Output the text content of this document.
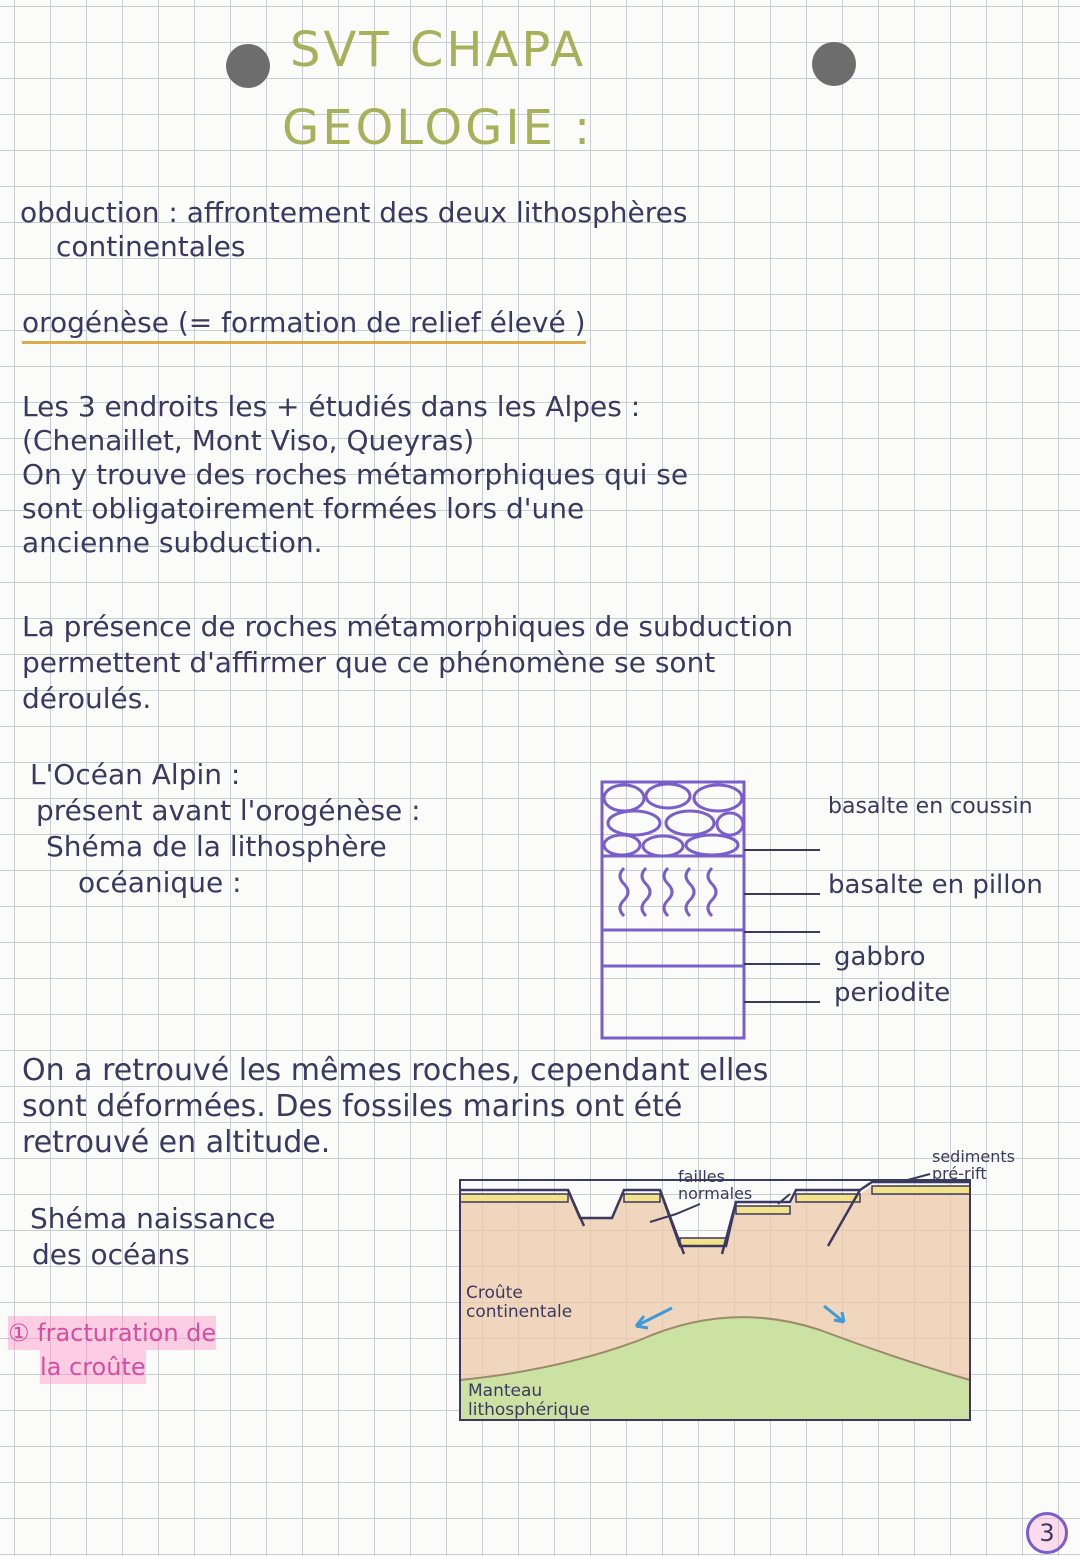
SVT CHAPA
GEOLOGIE :
obduction : affrontement des deux lithosphères
continentales
orogénèse (= formation de relief élevé )
Les 3 endroits les + étudiés dans les Alpes :
(Chenaillet, Mont Viso, Queyras)
On y trouve des roches métamorphiques qui se
sont obligatoirement formées lors d'une
ancienne subduction.
La présence de roches métamorphiques de subduction
permettent d'affirmer que ce phénomène se sont
déroulés.
L'Océan Alpin :
présent avant l'orogénèse :
Shéma de la lithosphère
océanique :
basalte en coussin
basalte en pillon
gabbro
periodite
On a retrouvé les mêmes roches, cependant elles
sont déformées. Des fossiles marins ont été
retrouvé en altitude.
Shéma naissance
des océans
① fracturation de
la croûte
failles normales
sediments pré-rift
Croûte continentale
Manteau lithosphérique
3
